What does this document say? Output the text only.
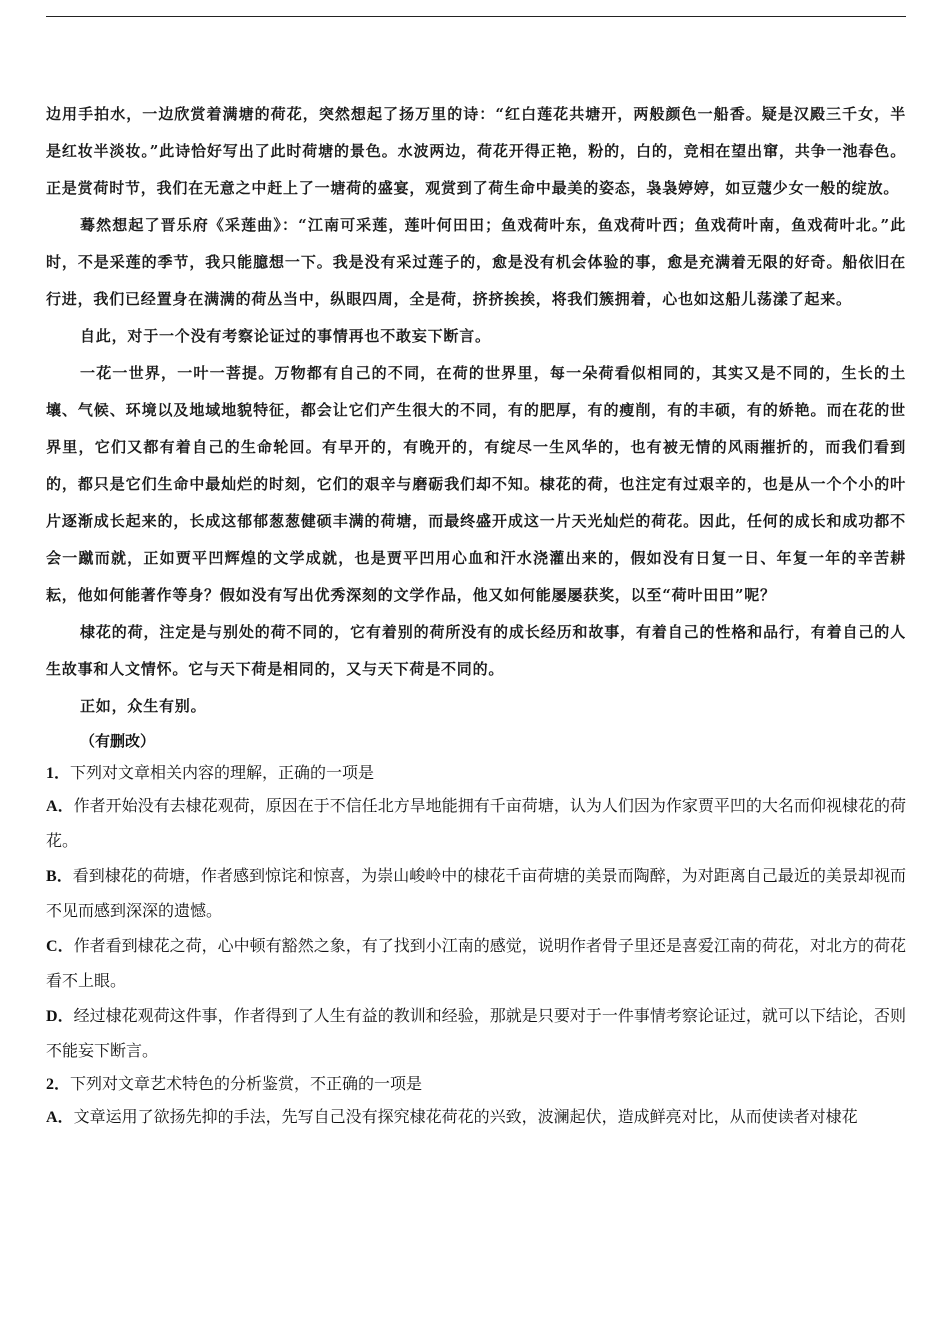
边用手拍水，一边欣赏着满塘的荷花，突然想起了扬万里的诗：“红白莲花共塘开，两般颜色一船香。疑是汉殿三千女，半是红妆半淡妆。”此诗恰好写出了此时荷塘的景色。水波两边，荷花开得正艳，粉的，白的，竞相在望出窜，共争一池春色。正是赏荷时节，我们在无意之中赶上了一塘荷的盛宴，观赏到了荷生命中最美的姿态，袅袅婷婷，如豆蔻少女一般的绽放。

蓦然想起了晋乐府《采莲曲》：“江南可采莲，莲叶何田田；鱼戏荷叶东，鱼戏荷叶西；鱼戏荷叶南，鱼戏荷叶北。”此时，不是采莲的季节，我只能臆想一下。我是没有采过莲子的，愈是没有机会体验的事，愈是充满着无限的好奇。船依旧在行进，我们已经置身在满满的荷丛当中，纵眼四周，全是荷，挤挤挨挨，将我们簇拥着，心也如这船儿荡漾了起来。

自此，对于一个没有考察论证过的事情再也不敢妄下断言。

一花一世界，一叶一菩提。万物都有自己的不同，在荷的世界里，每一朵荷看似相同的，其实又是不同的，生长的土壤、气候、环境以及地域地貌特征，都会让它们产生很大的不同，有的肥厚，有的瘦削，有的丰硕，有的娇艳。而在花的世界里，它们又都有着自己的生命轮回。有早开的，有晚开的，有绽尽一生风华的，也有被无情的风雨摧折的，而我们看到的，都只是它们生命中最灿烂的时刻，它们的艰辛与磨砺我们却不知。棣花的荷，也注定有过艰辛的，也是从一个个小的叶片逐渐成长起来的，长成这郁郁葱葱健硕丰满的荷塘，而最终盛开成这一片天光灿烂的荷花。因此，任何的成长和成功都不会一蹴而就，正如贾平凹辉煌的文学成就，也是贾平凹用心血和汗水浇灌出来的，假如没有日复一日、年复一年的辛苦耕耘，他如何能著作等身？假如没有写出优秀深刻的文学作品，他又如何能屡屡获奖，以至“荷叶田田”呢？

棣花的荷，注定是与别处的荷不同的，它有着别的荷所没有的成长经历和故事，有着自己的性格和品行，有着自己的人生故事和人文情怀。它与天下荷是相同的，又与天下荷是不同的。

正如，众生有别。

（有删改）

1．下列对文章相关内容的理解，正确的一项是

A．作者开始没有去棣花观荷，原因在于不信任北方旱地能拥有千亩荷塘，认为人们因为作家贾平凹的大名而仰视棣花的荷花。

B．看到棣花的荷塘，作者感到惊诧和惊喜，为崇山峻岭中的棣花千亩荷塘的美景而陶醉，为对距离自己最近的美景却视而不见而感到深深的遗憾。

C．作者看到棣花之荷，心中顿有豁然之象，有了找到小江南的感觉，说明作者骨子里还是喜爱江南的荷花，对北方的荷花看不上眼。

D．经过棣花观荷这件事，作者得到了人生有益的教训和经验，那就是只要对于一件事情考察论证过，就可以下结论，否则不能妄下断言。

2．下列对文章艺术特色的分析鉴赏，不正确的一项是

A．文章运用了欲扬先抑的手法，先写自己没有探究棣花荷花的兴致，波澜起伏，造成鲜亮对比，从而使读者对棣花
